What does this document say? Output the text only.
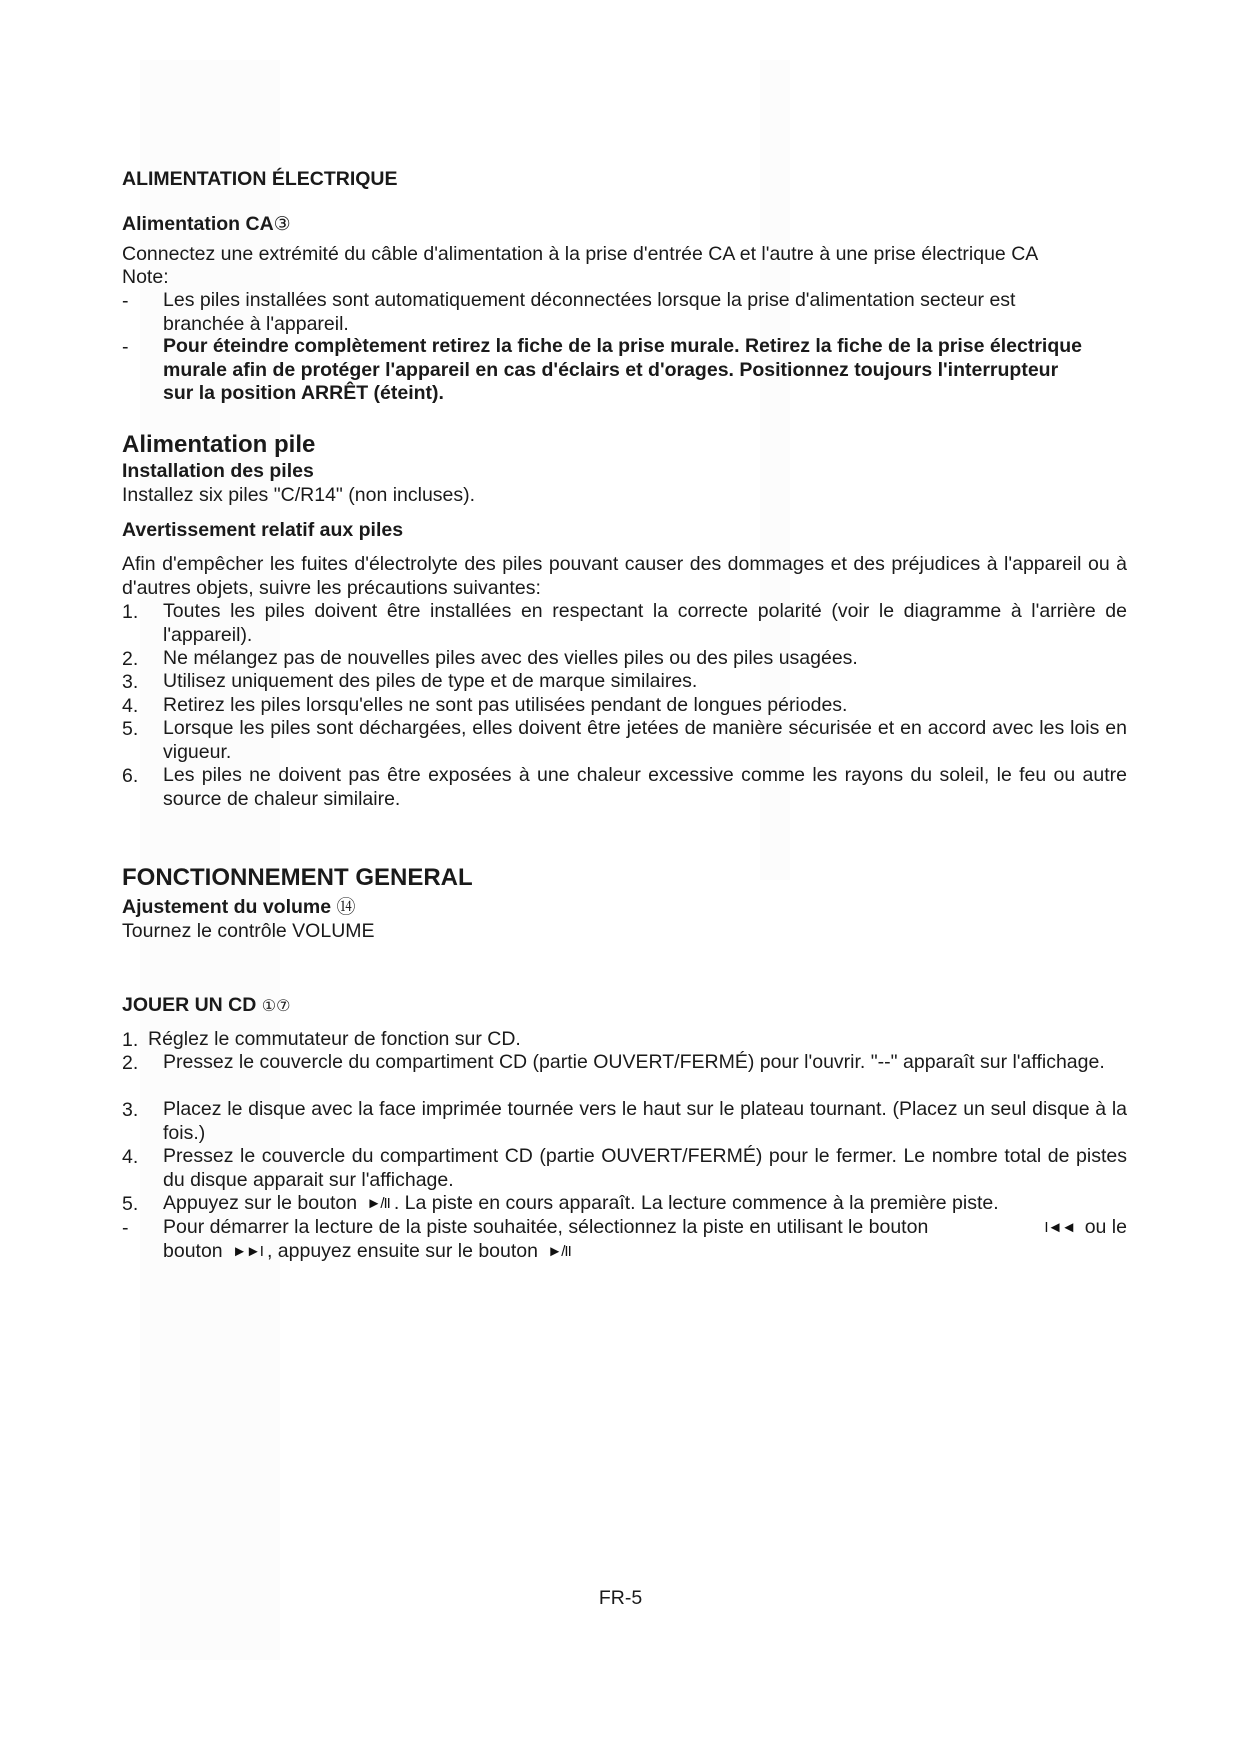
ALIMENTATION ÉLECTRIQUE
Alimentation CA③
Connectez une extrémité du câble d'alimentation à la prise d'entrée CA et l'autre à une prise électrique CA
Note:
- Les piles installées sont automatiquement déconnectées lorsque la prise d'alimentation secteur est branchée à l'appareil.
- Pour éteindre complètement retirez la fiche de la prise murale. Retirez la fiche de la prise électrique murale afin de protéger l'appareil en cas d'éclairs et d'orages. Positionnez toujours l'interrupteur sur la position ARRÊT (éteint).
Alimentation pile
Installation des piles
Installez six piles "C/R14" (non incluses).
Avertissement relatif aux piles
Afin d'empêcher les fuites d'électrolyte des piles pouvant causer des dommages et des préjudices à l'appareil ou à d'autres objets, suivre les précautions suivantes:
1. Toutes les piles doivent être installées en respectant la correcte polarité (voir le diagramme à l'arrière de l'appareil).
2. Ne mélangez pas de nouvelles piles avec des vielles piles ou des piles usagées.
3. Utilisez uniquement des piles de type et de marque similaires.
4. Retirez les piles lorsqu'elles ne sont pas utilisées pendant de longues périodes.
5. Lorsque les piles sont déchargées, elles doivent être jetées de manière sécurisée et en accord avec les lois en vigueur.
6. Les piles ne doivent pas être exposées à une chaleur excessive comme les rayons du soleil, le feu ou autre source de chaleur similaire.
FONCTIONNEMENT GENERAL
Ajustement du volume ⑭
Tournez le contrôle VOLUME
JOUER UN CD ①⑦
1. Réglez le commutateur de fonction sur CD.
2. Pressez le couvercle du compartiment CD (partie OUVERT/FERMÉ) pour l'ouvrir. "--" apparaît sur l'affichage.
3. Placez le disque avec la face imprimée tournée vers le haut sur le plateau tournant. (Placez un seul disque à la fois.)
4. Pressez le couvercle du compartiment CD (partie OUVERT/FERMÉ) pour le fermer. Le nombre total de pistes du disque apparait sur l'affichage.
5. Appuyez sur le bouton ►/II . La piste en cours apparaît. La lecture commence à la première piste.
- Pour démarrer la lecture de la piste souhaitée, sélectionnez la piste en utilisant le bouton	I◄◄ ou le
bouton ►►I , appuyez ensuite sur le bouton ►/II
FR-5
